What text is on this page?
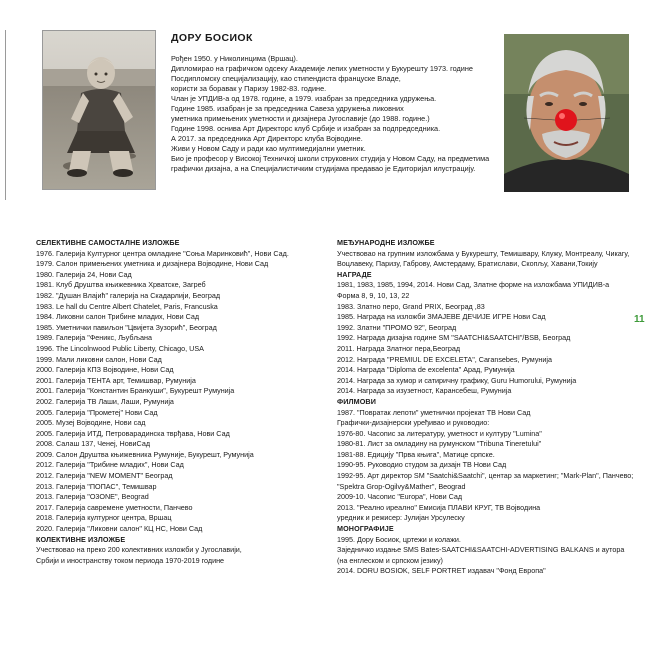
ДОРУ БОСИОК
Рођен 1950. у Николинцима (Вршац).
Дипломирао на графичком одсеку Академије лепих уметности у Букурешту 1973. године
Посдипломску специјализацију, као стипендиста француске Владе,
користи за боравак у Паризу 1982-83. године.
Члан је УПДИВ-а од 1978. године, а 1979. изабран за председника удружења.
Године 1985. изабран је за председника Савеза удружења ликовних
уметника примењених уметности и дизајнера Југославије (до 1988. године.)
Године 1998. оснива Арт Директорс клуб Србије и изабран за подпредседника.
А 2017. за председника Арт Директорс клуба Војводине.
Живи у Новом Саду и ради као мултимедијални уметник.
Био је професор у Високој Техничкој школи струковних студија у Новом Саду, на предметима
графички дизајна, а на Специјалистичким студијама предавао је Едиторијал илустрацију.
11
СЕЛЕКТИВНЕ САМОСТАЛНЕ ИЗЛОЖБЕ
1976. Галерија Културног центра омладине "Соња Маринковић", Нови Сад.
1979. Салон примењених уметника и дизајнера Војводине, Нови Сад
1980. Галерија 24, Нови Сад
1981. Клуб Друштва књижевника Хрватске, Загреб
1982. "Душан Влајић" галерија на Скадарлији, Београд
1983. Le hall du Centre Albert Chatelet, Paris, Francuska
1984. Ликовни салон Трибине младих, Нови Сад
1985. Уметнички павиљон "Цвијета Зузорић", Београд
1989. Галерија "Феникс, Љубљана
1996. The Lincolnwood Public Liberty, Chicago, USA
1999. Мали ликовни салон, Нови Сад
2000. Галерија КПЗ Војводине, Нови Сад
2001. Галерија ТЕНТА арт, Темишвар, Румунија
2001. Галерија "Константин Бранкуши", Букурешт Румунија
2002. Галерија ТВ Лаши, Лаши, Румунија
2005. Галерија "Прометеј" Нови Сад
2005. Музеј Војводине, Нови сад
2005. Галерија ИТД, Петроварадинска тврђава, Нови Сад
2008. Салаш 137, Ченеј, НовиСад
2009. Салон Друштва књижевника Румуније, Букурешт, Румунија
2012. Галерија "Трибине младих", Нови Сад
2012. Галерија "NEW MOMENT" Београд
2013. Галерија "ПОПАС", Темишвар
2013. Галерија "O3ONE", Beograd
2017. Галерија савремене уметности, Панчево
2018. Галерија културног центра, Вршац
2020. Галерија "Ликовни салон" КЦ НС, Нови Сад
КОЛЕКТИВНЕ ИЗЛОЖБЕ
Учествовао на преко 200 колективних изложби у Југославији,
Србији и иностранству током периода 1970-2019 године
МЕЂУНАРОДНЕ ИЗЛОЖБЕ
Учествовао на групним изложбама у Букурешту, Темишвару, Клужу, Монтреалу, Чикагу,
Воцлавеку, Паризу, Габрову, Амстердаму, Братислави, Скопљу, Хавани,Токију
НАГРАДЕ
1981, 1983, 1985, 1994, 2014. Нови Сад, Златне форме на изложбама УПИДИВ-а
Форма 8, 9, 10, 13, 22
1983. Златно перо, Grand PRIX, Београд ,83
1985. Награда на изложби ЗМАЈЕВЕ ДЕЧИЈЕ ИГРЕ Нови Сад
1992. Златни "ПРОМО 92", Београд
1992. Награда дизајна године SM "SAATCHI&SAATCHI"/BSB, Београд
2011. Награда Златног пера,Београд
2012. Награда "PREMIUL DE EXCELETA", Caransebes, Румунија
2014. Награда "Diploma de excelenta" Арад, Румунија
2014. Награда за хумор и сатиричну графику, Guru Humorului, Румунија
2014. Награда за изузетност, Карансебеш, Румунија
ФИЛМОВИ
1987. "Повратак лепоти" уметнички пројекат ТВ Нови Сад
Графички-дизајнерски уређивао и руководио:
1976-80. Часопис за литературу, уметност и културу "Lumina"
1980-81. Лист за омладину на румунском "Tribuna Tineretului"
1981-88. Едицију "Прва књига", Матице српске.
1990-95. Руководио студом за дизајн ТВ Нови Сад
1992-95. Арт директор SM "Saatchi&Saatchi", центар за маркетинг; "Mark-Plan", Панчево;
"Spektra Grop-Ogilvy&Mather", Beograd
2009-10. Часопис "Europa", Нови Сад
2013. "Реално ирeално" Емисија ПЛАВИ КРУГ, ТВ Војводина
уредник и режисер: Јулијан Урсулеску
МОНОГРАФИЈЕ
1995. Дору Босиок, цртежи и колажи.
Заједничко издање SMS Bates-SAATCHI&SAATCHI-ADVERTISING BALKANS и аутора
(на енглеском и српском језику)
2014. DORU BOSIOK, SELF PORTRET издавач "Фонд Европа"
